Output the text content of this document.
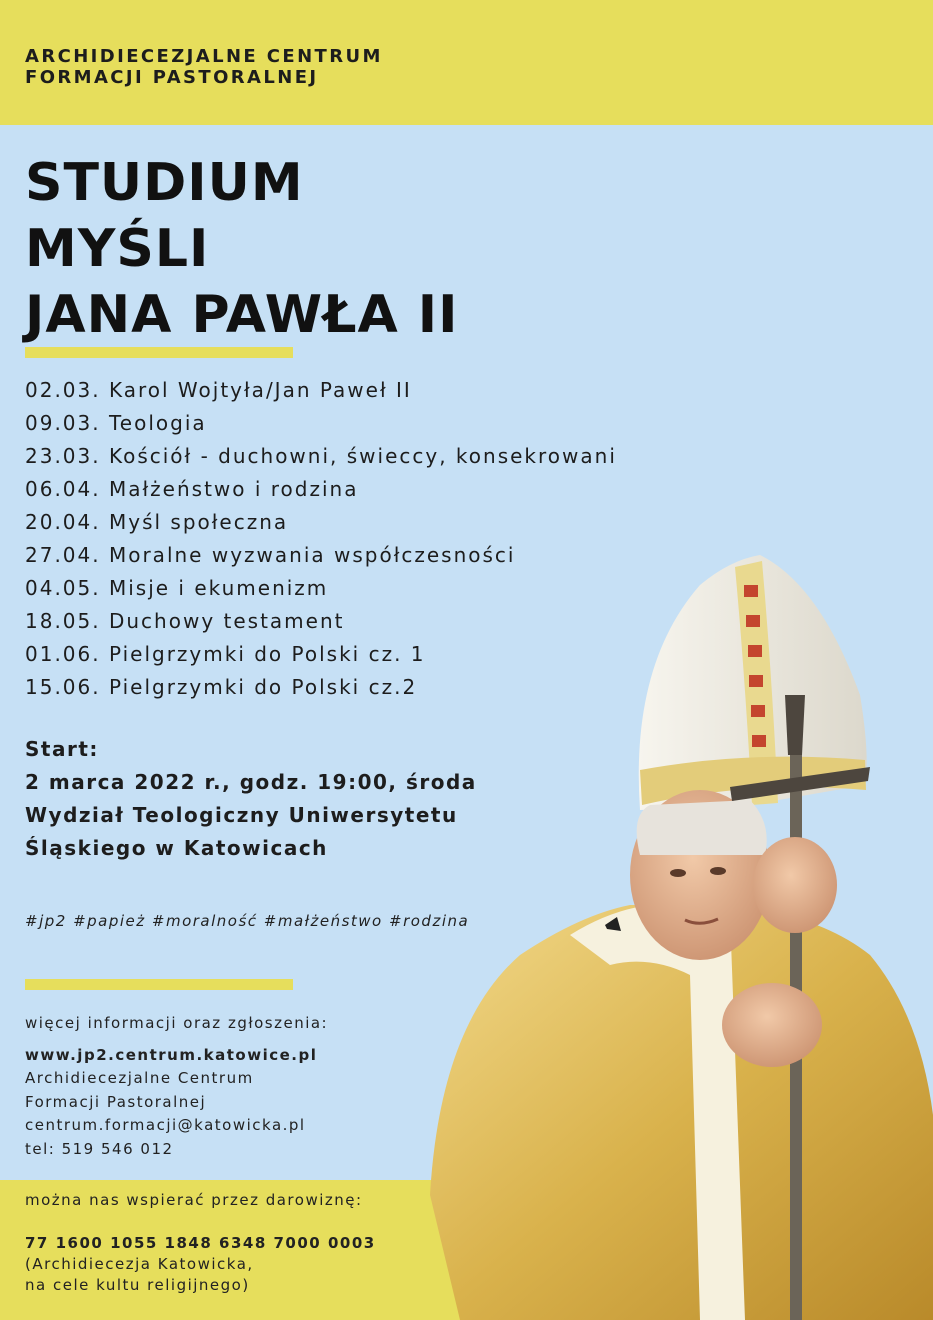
ARCHIDIECEZJALNE CENTRUM
FORMACJI PASTORALNEJ
STUDIUM
MYŚLI
JANA PAWŁA II
02.03. Karol Wojtyła/Jan Paweł II
09.03. Teologia
23.03. Kościół - duchowni, świeccy, konsekrowani
06.04. Małżeństwo i rodzina
20.04. Myśl społeczna
27.04. Moralne wyzwania współczesności
04.05. Misje i ekumenizm
18.05. Duchowy testament
01.06. Pielgrzymki do Polski cz. 1
15.06. Pielgrzymki do Polski cz.2
Start:
2 marca 2022 r., godz. 19:00, środa
Wydział Teologiczny Uniwersytetu
Śląskiego w Katowicach
#jp2 #papież #moralność #małżeństwo #rodzina
więcej informacji oraz zgłoszenia:
www.jp2.centrum.katowice.pl
Archidiecezjalne Centrum
Formacji Pastoralnej
centrum.formacji@katowicka.pl
tel: 519 546 012
można nas wspierać przez darowiznę:
77 1600 1055 1848 6348 7000 0003
(Archidiecezja Katowicka,
na cele kultu religijnego)
